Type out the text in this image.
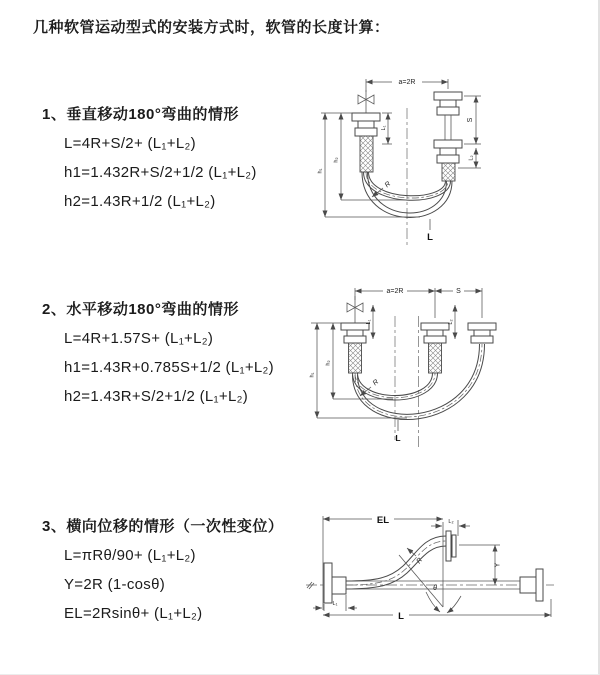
几种软管运动型式的安装方式时，软管的长度计算：
1、垂直移动180°弯曲的情形
L=4R+S/2+ (L₁+L₂)
h1=1.432R+S/2+1/2 (L₁+L₂)
h2=1.43R+1/2 (L₁+L₂)
2、水平移动180°弯曲的情形
L=4R+1.57S+ (L₁+L₂)
h1=1.43R+0.785S+1/2 (L₁+L₂)
h2=1.43R+S/2+1/2 (L₁+L₂)
3、横向位移的情形（一次性变位）
L=πRθ/90+ (L₁+L₂)
Y=2R (1-cosθ)
EL=2Rsinθ+ (L₁+L₂)
a=2R
L₁
S
L₂
h₂
h₁
R
L
a=2R	S
L₁	L₂
h₂
h₁
R
L
θ
R
EL	L₂
Y
L₁
L
